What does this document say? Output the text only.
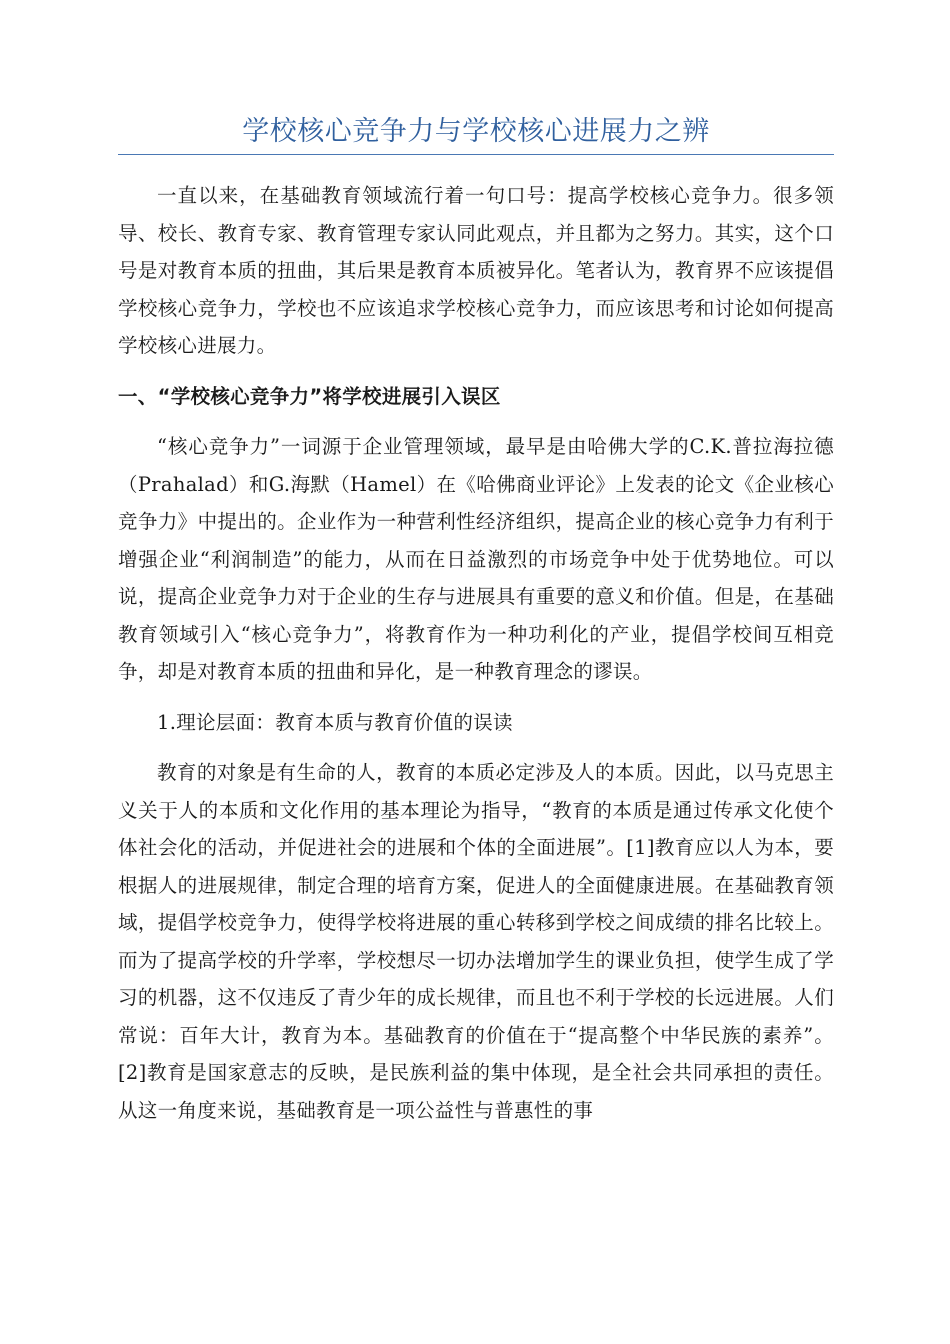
学校核心竞争力与学校核心进展力之辨

一直以来，在基础教育领域流行着一句口号：提高学校核心竞争力。很多领导、校长、教育专家、教育管理专家认同此观点，并且都为之努力。其实，这个口号是对教育本质的扭曲，其后果是教育本质被异化。笔者认为，教育界不应该提倡学校核心竞争力，学校也不应该追求学校核心竞争力，而应该思考和讨论如何提高学校核心进展力。

一、“学校核心竞争力”将学校进展引入误区

“核心竞争力”一词源于企业管理领域，最早是由哈佛大学的C.K.普拉海拉德（Prahalad）和G.海默（Hamel）在《哈佛商业评论》上发表的论文《企业核心竞争力》中提出的。企业作为一种营利性经济组织，提高企业的核心竞争力有利于增强企业“利润制造”的能力，从而在日益激烈的市场竞争中处于优势地位。可以说，提高企业竞争力对于企业的生存与进展具有重要的意义和价值。但是，在基础教育领域引入“核心竞争力”，将教育作为一种功利化的产业，提倡学校间互相竞争，却是对教育本质的扭曲和异化，是一种教育理念的谬误。

1.理论层面：教育本质与教育价值的误读

教育的对象是有生命的人，教育的本质必定涉及人的本质。因此，以马克思主义关于人的本质和文化作用的基本理论为指导，“教育的本质是通过传承文化使个体社会化的活动，并促进社会的进展和个体的全面进展”。[1]教育应以人为本，要根据人的进展规律，制定合理的培育方案，促进人的全面健康进展。在基础教育领域，提倡学校竞争力，使得学校将进展的重心转移到学校之间成绩的排名比较上。而为了提高学校的升学率，学校想尽一切办法增加学生的课业负担，使学生成了学习的机器，这不仅违反了青少年的成长规律，而且也不利于学校的长远进展。人们常说：百年大计，教育为本。基础教育的价值在于“提高整个中华民族的素养”。[2]教育是国家意志的反映，是民族利益的集中体现，是全社会共同承担的责任。从这一角度来说，基础教育是一项公益性与普惠性的事
